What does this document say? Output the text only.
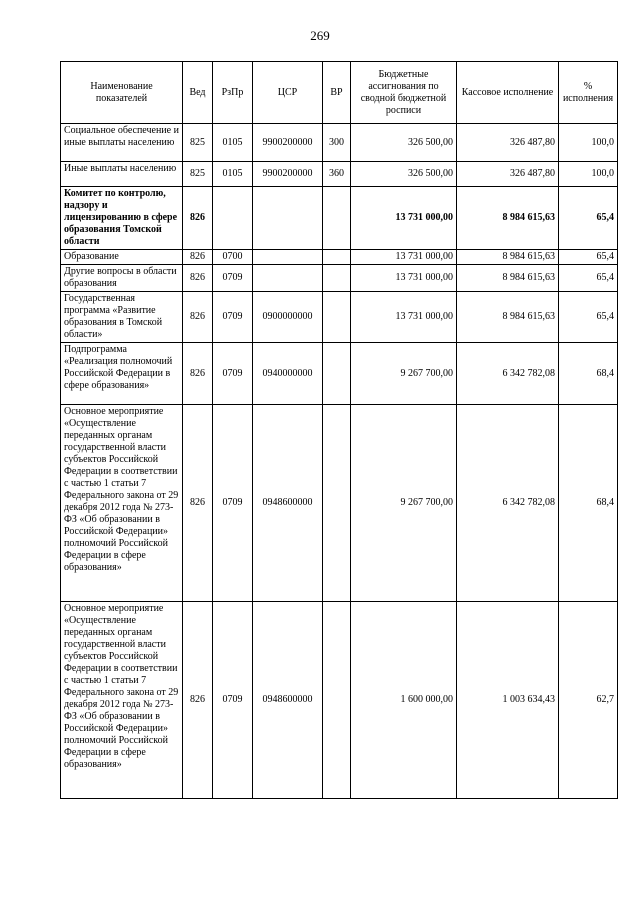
269
Наименование показателей	Вед	РзПр	ЦСР	ВР	Бюджетные ассигнования по сводной бюджетной росписи	Кассовое исполнение	% исполнения
Социальное обеспечение и иные выплаты населению	825	0105	9900200000	300	326 500,00	326 487,80	100,0
Иные выплаты населению	825	0105	9900200000	360	326 500,00	326 487,80	100,0
Комитет по контролю, надзору и лицензированию в сфере образования Томской области	826				13 731 000,00	8 984 615,63	65,4
Образование	826	0700			13 731 000,00	8 984 615,63	65,4
Другие вопросы в области образования	826	0709			13 731 000,00	8 984 615,63	65,4
Государственная программа «Развитие образования в Томской области»	826	0709	0900000000		13 731 000,00	8 984 615,63	65,4
Подпрограмма «Реализация полномочий Российской Федерации в сфере образования»	826	0709	0940000000		9 267 700,00	6 342 782,08	68,4
Основное мероприятие «Осуществление переданных органам государственной власти субъектов Российской Федерации в соответствии с частью 1 статьи 7 Федерального закона от 29 декабря 2012 года № 273-ФЗ «Об образовании в Российской Федерации» полномочий Российской Федерации в сфере образования»	826	0709	0948600000		9 267 700,00	6 342 782,08	68,4
Основное мероприятие «Осуществление переданных органам государственной власти субъектов Российской Федерации в соответствии с частью 1 статьи 7 Федерального закона от 29 декабря 2012 года № 273-ФЗ «Об образовании в Российской Федерации» полномочий Российской Федерации в сфере образования»	826	0709	0948600000		1 600 000,00	1 003 634,43	62,7
